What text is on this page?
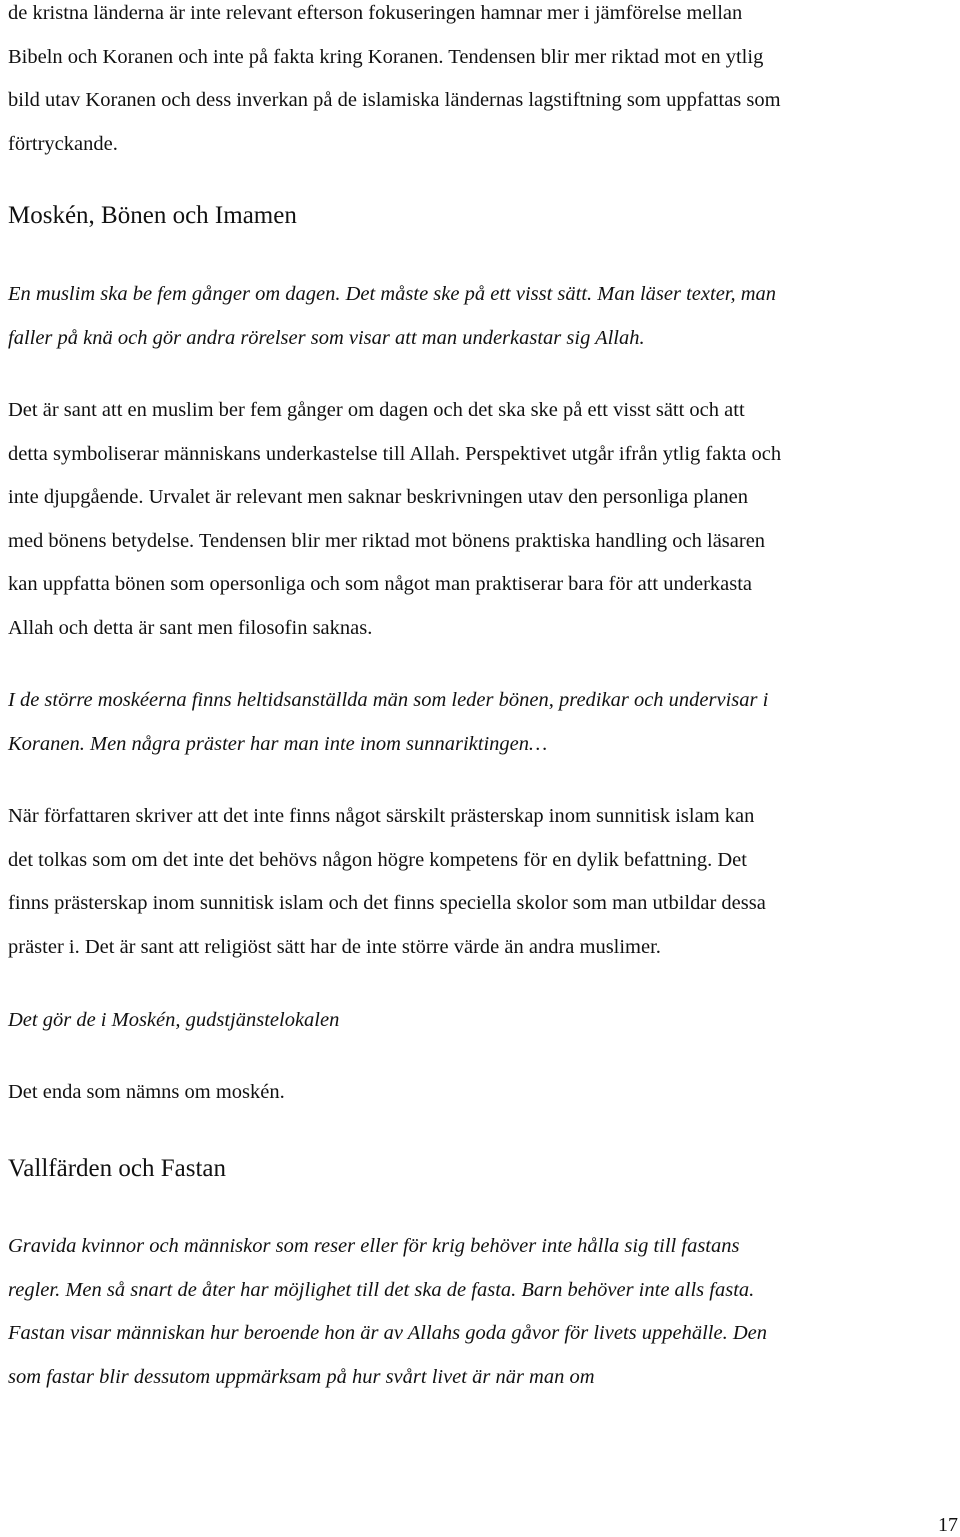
de kristna länderna är inte relevant efterson fokuseringen hamnar mer i jämförelse mellan
Bibeln och Koranen och inte på fakta kring Koranen. Tendensen blir mer riktad mot en ytlig
bild utav Koranen och dess inverkan på de islamiska ländernas lagstiftning som uppfattas som
förtryckande.

Moskén, Bönen och Imamen

En muslim ska be fem gånger om dagen. Det måste ske på ett visst sätt. Man läser texter, man
faller på knä och gör andra rörelser som visar att man underkastar sig Allah.

Det är sant att en muslim ber fem gånger om dagen och det ska ske på ett visst sätt och att
detta symboliserar människans underkastelse till Allah. Perspektivet utgår ifrån ytlig fakta och
inte djupgående. Urvalet är relevant men saknar beskrivningen utav den personliga planen
med bönens betydelse. Tendensen blir mer riktad mot bönens praktiska handling och läsaren
kan uppfatta bönen som opersonliga och som något man praktiserar bara för att underkasta
Allah och detta är sant men filosofin saknas.

I de större moskéerna finns heltidsanställda män som leder bönen, predikar och undervisar i
Koranen. Men några präster har man inte inom sunnariktingen…

När författaren skriver att det inte finns något särskilt prästerskap inom sunnitisk islam kan
det tolkas som om det inte det behövs någon högre kompetens för en dylik befattning. Det
finns prästerskap inom sunnitisk islam och det finns speciella skolor som man utbildar dessa
präster i. Det är sant att religiöst sätt har de inte större värde än andra muslimer.

Det gör de i Moskén, gudstjänstelokalen

Det enda som nämns om moskén.

Vallfärden och Fastan

Gravida kvinnor och människor som reser eller för krig behöver inte hålla sig till fastans
regler. Men så snart de åter har möjlighet till det ska de fasta. Barn behöver inte alls fasta.
Fastan visar människan hur beroende hon är av Allahs goda gåvor för livets uppehälle. Den
som fastar blir dessutom uppmärksam på hur svårt livet är när man om

17
